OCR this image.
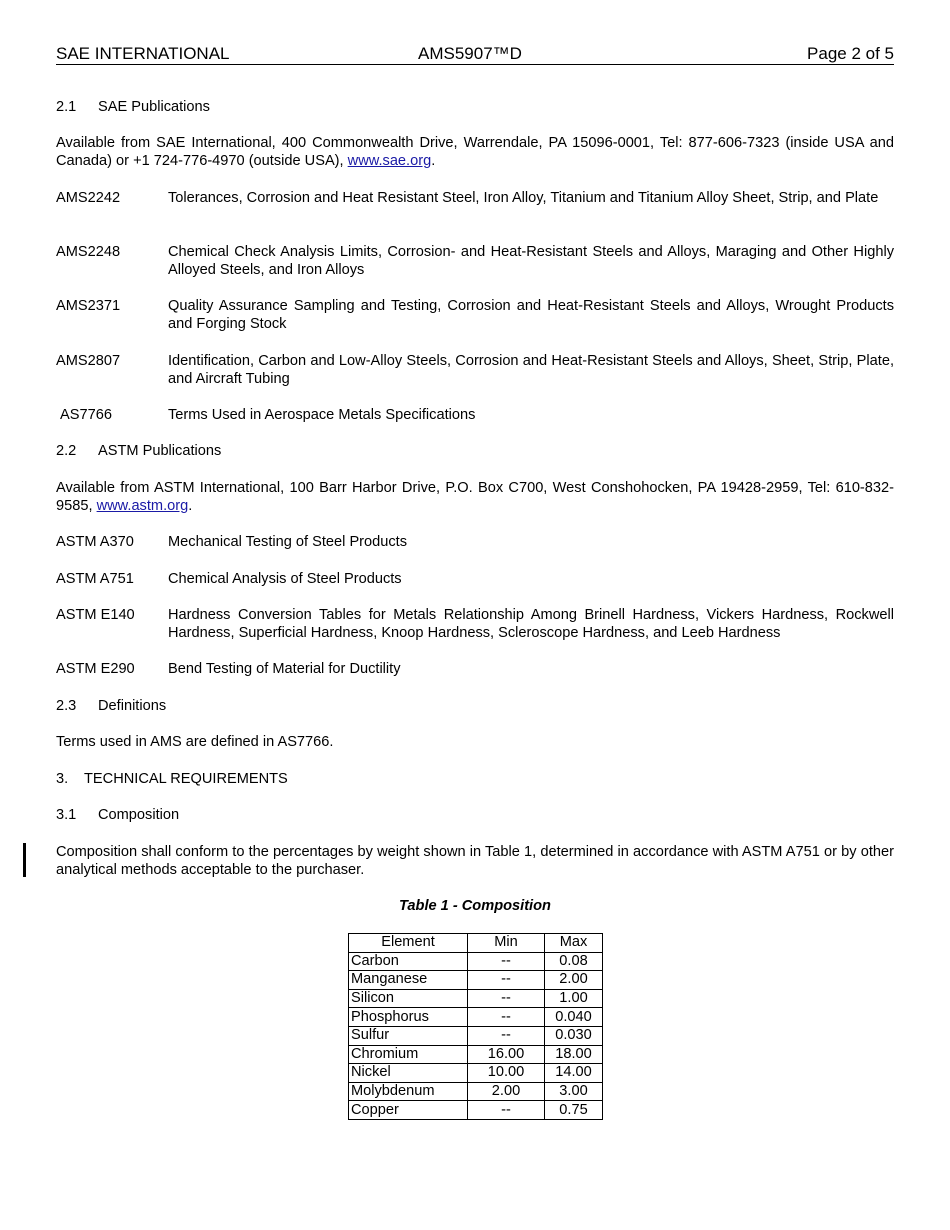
SAE INTERNATIONAL	AMS5907™D	Page 2 of 5
2.1 SAE Publications
Available from SAE International, 400 Commonwealth Drive, Warrendale, PA 15096-0001, Tel: 877-606-7323 (inside USA and Canada) or +1 724-776-4970 (outside USA), www.sae.org.
AMS2242	Tolerances, Corrosion and Heat Resistant Steel, Iron Alloy, Titanium and Titanium Alloy Sheet, Strip, and Plate
AMS2248	Chemical Check Analysis Limits, Corrosion- and Heat-Resistant Steels and Alloys, Maraging and Other Highly Alloyed Steels, and Iron Alloys
AMS2371	Quality Assurance Sampling and Testing, Corrosion and Heat-Resistant Steels and Alloys, Wrought Products and Forging Stock
AMS2807	Identification, Carbon and Low-Alloy Steels, Corrosion and Heat-Resistant Steels and Alloys, Sheet, Strip, Plate, and Aircraft Tubing
AS7766	Terms Used in Aerospace Metals Specifications
2.2 ASTM Publications
Available from ASTM International, 100 Barr Harbor Drive, P.O. Box C700, West Conshohocken, PA 19428-2959, Tel: 610-832-9585, www.astm.org.
ASTM A370 Mechanical Testing of Steel Products
ASTM A751 Chemical Analysis of Steel Products
ASTM E140 Hardness Conversion Tables for Metals Relationship Among Brinell Hardness, Vickers Hardness, Rockwell Hardness, Superficial Hardness, Knoop Hardness, Scleroscope Hardness, and Leeb Hardness
ASTM E290 Bend Testing of Material for Ductility
2.3 Definitions
Terms used in AMS are defined in AS7766.
3. TECHNICAL REQUIREMENTS
3.1 Composition
Composition shall conform to the percentages by weight shown in Table 1, determined in accordance with ASTM A751 or by other analytical methods acceptable to the purchaser.
Table 1 - Composition
Element	Min	Max
Carbon	--	0.08
Manganese	--	2.00
Silicon	--	1.00
Phosphorus	--	0.040
Sulfur	--	0.030
Chromium	16.00	18.00
Nickel	10.00	14.00
Molybdenum	2.00	3.00
Copper	--	0.75
